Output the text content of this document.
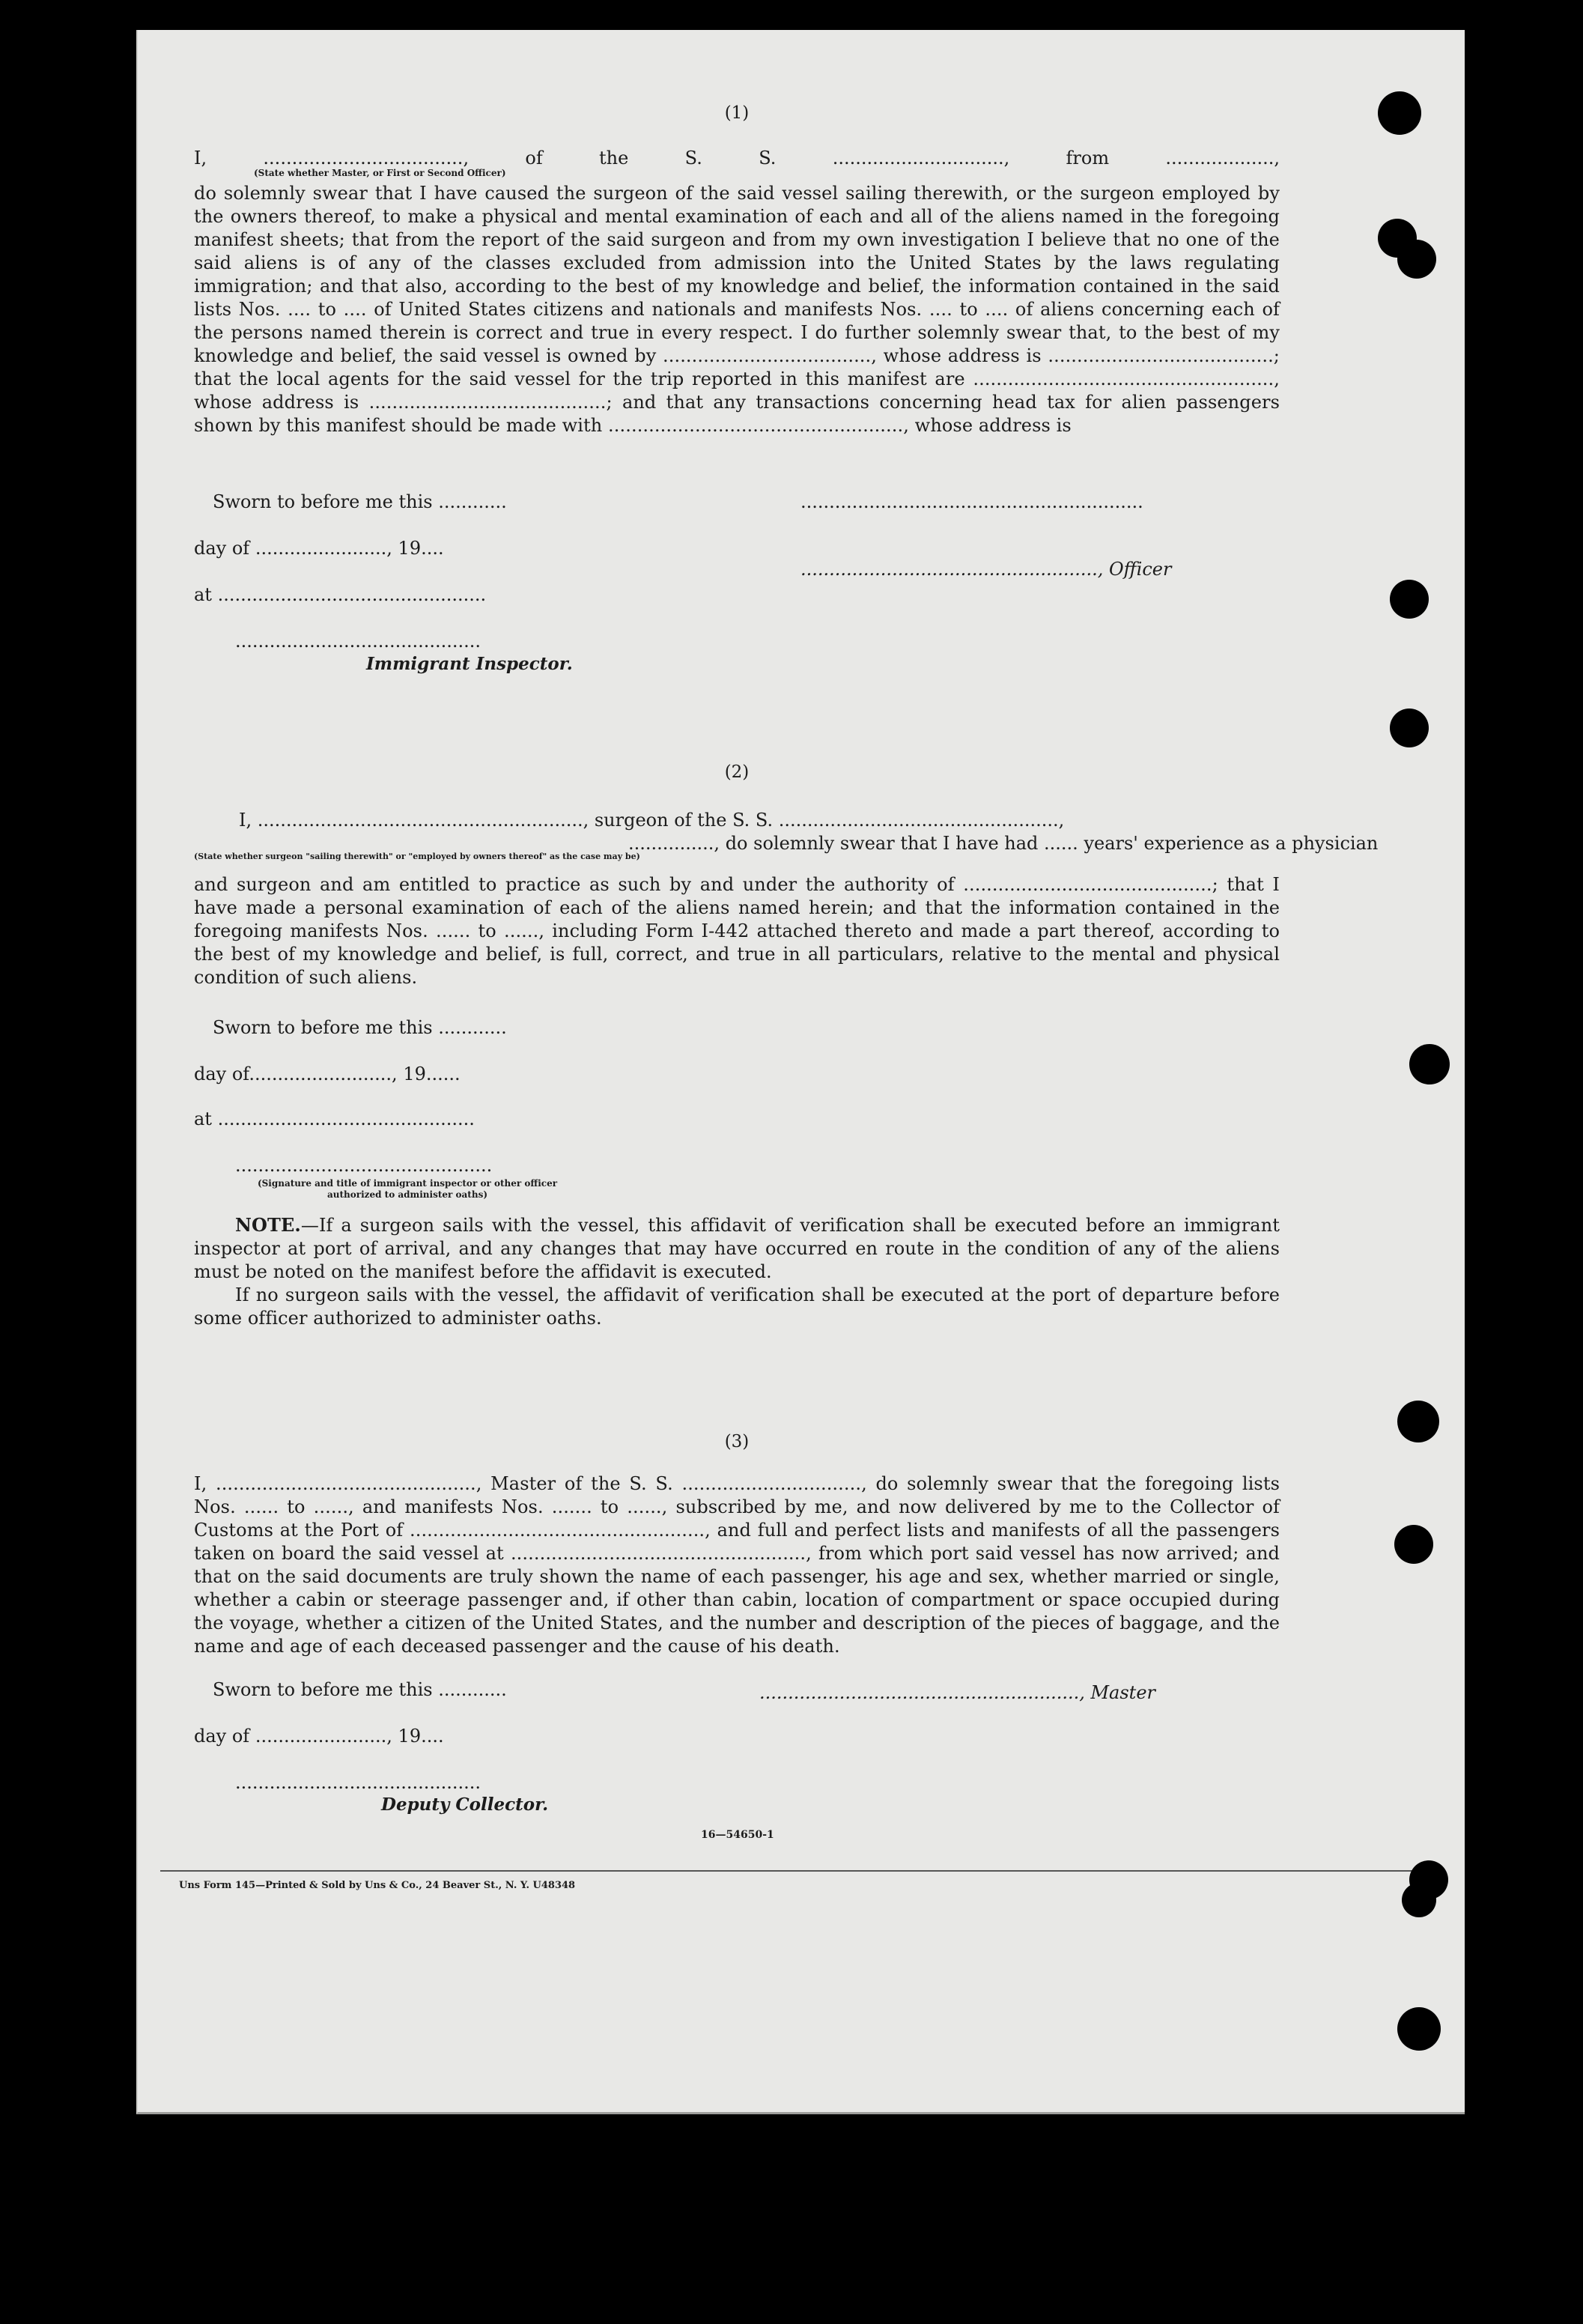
(1)
I, ..................................., of the S. S. .............................., from ...................,
(State whether Master, or First or Second Officer)
do solemnly swear that I have caused the surgeon of the said vessel sailing therewith, or the surgeon employed by the owners thereof, to make a physical and mental examination of each and all of the aliens named in the foregoing manifest sheets; that from the report of the said surgeon and from my own investigation I believe that no one of the said aliens is of any of the classes excluded from admission into the United States by the laws regulating immigration; and that also, according to the best of my knowledge and belief, the information contained in the said lists Nos. .... to .... of United States citizens and nationals and manifests Nos. .... to .... of aliens concerning each of the persons named therein is correct and true in every respect. I do further solemnly swear that, to the best of my knowledge and belief, the said vessel is owned by ...................................., whose address is .......................................; that the local agents for the said vessel for the trip reported in this manifest are ...................................................., whose address is .........................................; and that any transactions concerning head tax for alien passengers shown by this manifest should be made with ..................................................., whose address is
Sworn to before me this ............	............................................................
day of ......................., 19....
...................................................., Officer
at ...............................................
...........................................
Immigrant Inspector.
(2)
I, ........................................................., surgeon of the S. S. .................................................,
..............., do solemnly swear that I have had ...... years' experience as a physician
(State whether surgeon "sailing therewith" or "employed by owners thereof" as the case may be)
and surgeon and am entitled to practice as such by and under the authority of ...........................................; that I have made a personal examination of each of the aliens named herein; and that the information contained in the foregoing manifests Nos. ...... to ......, including Form I-442 attached thereto and made a part thereof, according to the best of my knowledge and belief, is full, correct, and true in all particulars, relative to the mental and physical condition of such aliens.
Sworn to before me this ............
day of........................., 19......
at .............................................
.............................................
(Signature and title of immigrant inspector or other officer authorized to administer oaths)
NOTE.—If a surgeon sails with the vessel, this affidavit of verification shall be executed before an immigrant inspector at port of arrival, and any changes that may have occurred en route in the condition of any of the aliens must be noted on the manifest before the affidavit is executed.
If no surgeon sails with the vessel, the affidavit of verification shall be executed at the port of departure before some officer authorized to administer oaths.
(3)
I, ............................................., Master of the S. S. ..............................., do solemnly swear that the foregoing lists Nos. ...... to ......, and manifests Nos. ....... to ......, subscribed by me, and now delivered by me to the Collector of Customs at the Port of ..................................................., and full and perfect lists and manifests of all the passengers taken on board the said vessel at ..................................................., from which port said vessel has now arrived; and that on the said documents are truly shown the name of each passenger, his age and sex, whether married or single, whether a cabin or steerage passenger and, if other than cabin, location of compartment or space occupied during the voyage, whether a citizen of the United States, and the number and description of the pieces of baggage, and the name and age of each deceased passenger and the cause of his death.
Sworn to before me this ............	........................................................, Master
day of ......................., 19....
...........................................
Deputy Collector.
16—54650-1
Uns Form 145—Printed & Sold by Uns & Co., 24 Beaver St., N. Y. U48348
